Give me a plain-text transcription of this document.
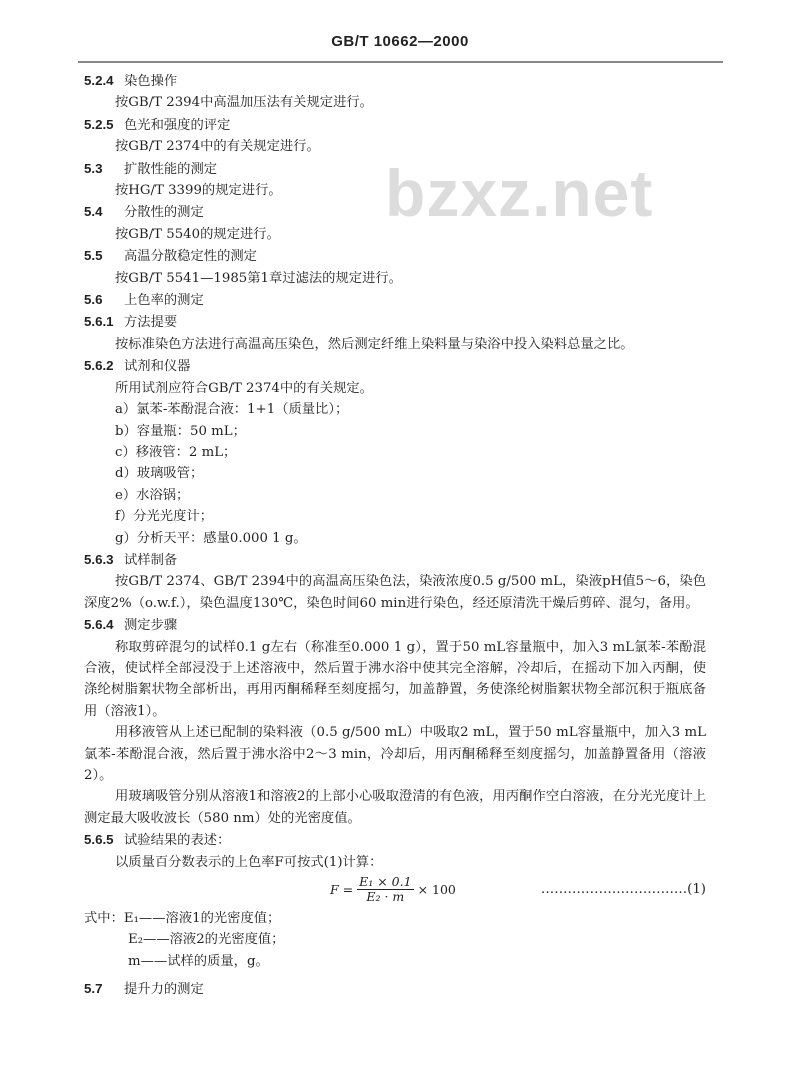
GB/T 10662—2000
5.2.4 染色操作
按GB/T 2394中高温加压法有关规定进行。
5.2.5 色光和强度的评定
按GB/T 2374中的有关规定进行。
5.3 扩散性能的测定
按HG/T 3399的规定进行。
5.4 分散性的测定
按GB/T 5540的规定进行。
5.5 高温分散稳定性的测定
按GB/T 5541—1985第1章过滤法的规定进行。
5.6 上色率的测定
5.6.1 方法提要
按标准染色方法进行高温高压染色，然后测定纤维上染料量与染浴中投入染料总量之比。
5.6.2 试剂和仪器
所用试剂应符合GB/T 2374中的有关规定。
a）氯苯-苯酚混合液：1+1（质量比）；
b）容量瓶：50 mL；
c）移液管：2 mL；
d）玻璃吸管；
e）水浴锅；
f）分光光度计；
g）分析天平：感量0.000 1 g。
5.6.3 试样制备
按GB/T 2374、GB/T 2394中的高温高压染色法，染液浓度0.5 g/500 mL，染液pH值5～6，染色深度2%（o.w.f.），染色温度130℃，染色时间60 min进行染色，经还原清洗干燥后剪碎、混匀，备用。
5.6.4 测定步骤
称取剪碎混匀的试样0.1 g左右（称准至0.000 1 g），置于50 mL容量瓶中，加入3 mL氯苯-苯酚混合液，使试样全部浸没于上述溶液中，然后置于沸水浴中使其完全溶解，冷却后，在摇动下加入丙酮，使涤纶树脂絮状物全部析出，再用丙酮稀释至刻度摇匀，加盖静置，务使涤纶树脂絮状物全部沉积于瓶底备用（溶液1）。
用移液管从上述已配制的染料液（0.5 g/500 mL）中吸取2 mL，置于50 mL容量瓶中，加入3 mL氯苯-苯酚混合液，然后置于沸水浴中2～3 min，冷却后，用丙酮稀释至刻度摇匀，加盖静置备用（溶液2）。
用玻璃吸管分别从溶液1和溶液2的上部小心吸取澄清的有色液，用丙酮作空白溶液，在分光光度计上测定最大吸收波长（580 nm）处的光密度值。
5.6.5 试验结果的表述：
以质量百分数表示的上色率F可按式(1)计算：
$F = \frac{\text{E₁ × 0.1}}{\text{E₂ · m}} \times 100$	……………………………(1)
式中：E₁——溶液1的光密度值；
E₂——溶液2的光密度值；
m——试样的质量，g。
5.7 提升力的测定
bzxz.net
